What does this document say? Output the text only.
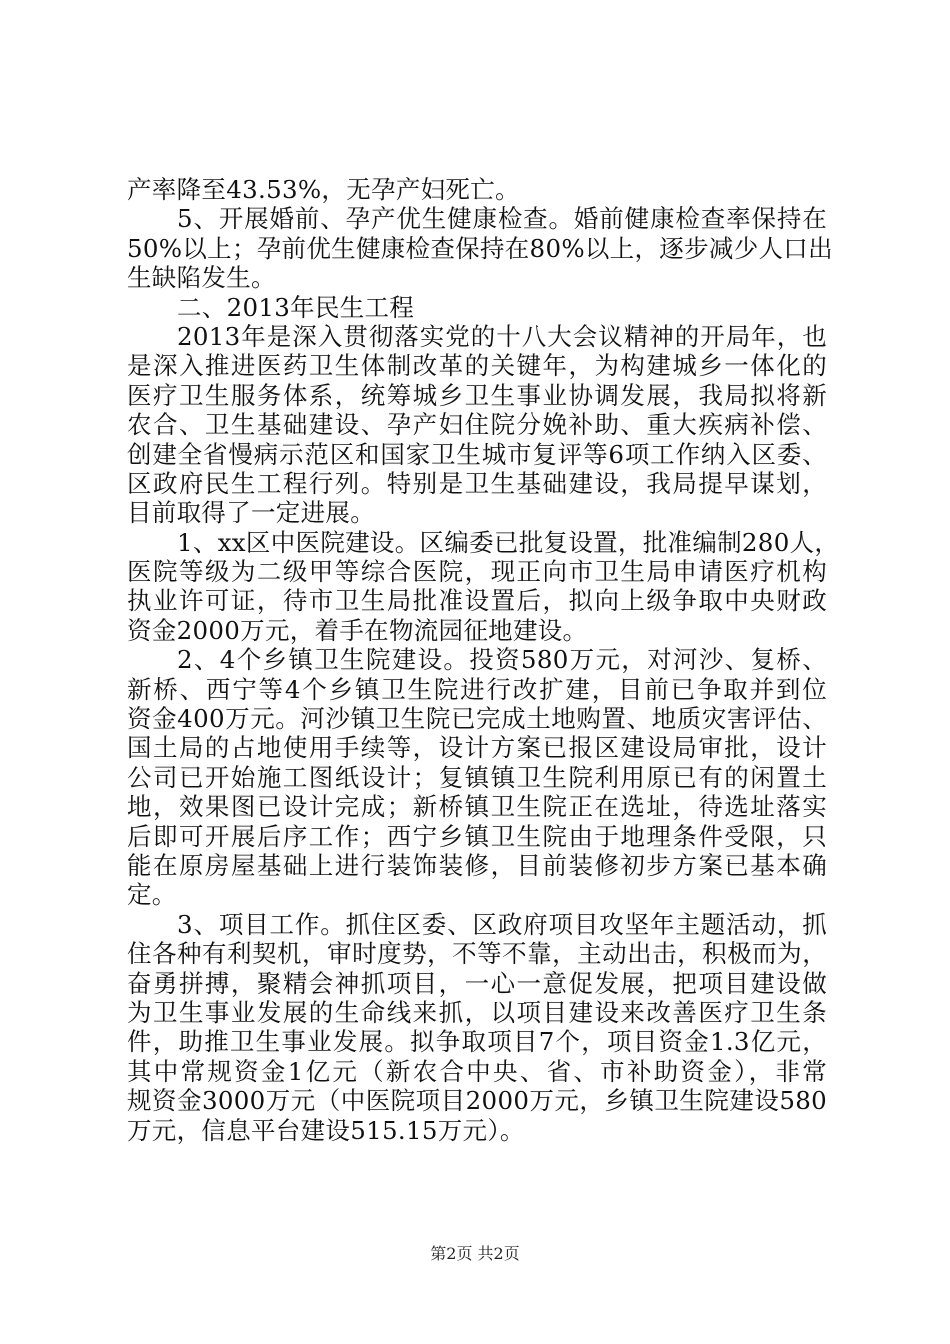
产率降至43.53%，无孕产妇死亡。
5、开展婚前、孕产优生健康检查。婚前健康检查率保持在
50%以上；孕前优生健康检查保持在80%以上，逐步减少人口出
生缺陷发生。
二、2013年民生工程
2013年是深入贯彻落实党的十八大会议精神的开局年，也
是深入推进医药卫生体制改革的关键年，为构建城乡一体化的
医疗卫生服务体系，统筹城乡卫生事业协调发展，我局拟将新
农合、卫生基础建设、孕产妇住院分娩补助、重大疾病补偿、
创建全省慢病示范区和国家卫生城市复评等6项工作纳入区委、
区政府民生工程行列。特别是卫生基础建设，我局提早谋划，
目前取得了一定进展。
1、xx区中医院建设。区编委已批复设置，批准编制280人，
医院等级为二级甲等综合医院，现正向市卫生局申请医疗机构
执业许可证，待市卫生局批准设置后，拟向上级争取中央财政
资金2000万元，着手在物流园征地建设。
2、4个乡镇卫生院建设。投资580万元，对河沙、复桥、
新桥、西宁等4个乡镇卫生院进行改扩建，目前已争取并到位
资金400万元。河沙镇卫生院已完成土地购置、地质灾害评估、
国土局的占地使用手续等，设计方案已报区建设局审批，设计
公司已开始施工图纸设计；复镇镇卫生院利用原已有的闲置土
地，效果图已设计完成；新桥镇卫生院正在选址，待选址落实
后即可开展后序工作；西宁乡镇卫生院由于地理条件受限，只
能在原房屋基础上进行装饰装修，目前装修初步方案已基本确
定。
3、项目工作。抓住区委、区政府项目攻坚年主题活动，抓
住各种有利契机，审时度势，不等不靠，主动出击，积极而为，
奋勇拼搏，聚精会神抓项目，一心一意促发展，把项目建设做
为卫生事业发展的生命线来抓，以项目建设来改善医疗卫生条
件，助推卫生事业发展。拟争取项目7个，项目资金1.3亿元，
其中常规资金1亿元（新农合中央、省、市补助资金），非常
规资金3000万元（中医院项目2000万元，乡镇卫生院建设580
万元，信息平台建设515.15万元）。
第2页 共2页
